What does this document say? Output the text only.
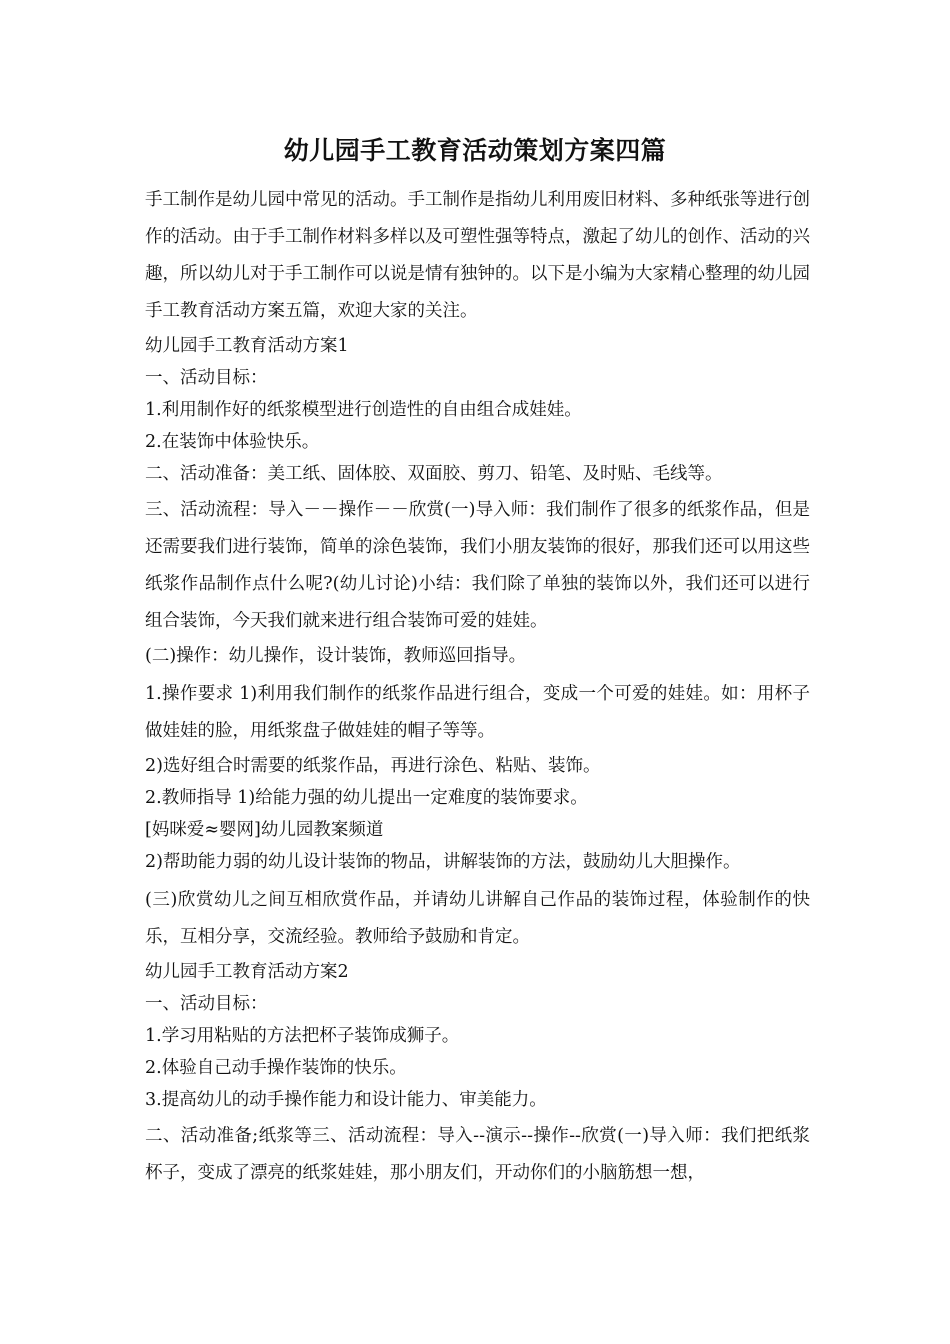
幼儿园手工教育活动策划方案四篇

手工制作是幼儿园中常见的活动。手工制作是指幼儿利用废旧材料、多种纸张等进行创作的活动。由于手工制作材料多样以及可塑性强等特点，激起了幼儿的创作、活动的兴趣，所以幼儿对于手工制作可以说是情有独钟的。以下是小编为大家精心整理的幼儿园手工教育活动方案五篇，欢迎大家的关注。

幼儿园手工教育活动方案1

一、活动目标：

1.利用制作好的纸浆模型进行创造性的自由组合成娃娃。

2.在装饰中体验快乐。

二、活动准备：美工纸、固体胶、双面胶、剪刀、铅笔、及时贴、毛线等。

三、活动流程：导入－－操作－－欣赏(一)导入师：我们制作了很多的纸浆作品，但是还需要我们进行装饰，简单的涂色装饰，我们小朋友装饰的很好，那我们还可以用这些纸浆作品制作点什么呢?(幼儿讨论)小结：我们除了单独的装饰以外，我们还可以进行组合装饰，今天我们就来进行组合装饰可爱的娃娃。

(二)操作：幼儿操作，设计装饰，教师巡回指导。

1.操作要求 1)利用我们制作的纸浆作品进行组合，变成一个可爱的娃娃。如：用杯子做娃娃的脸，用纸浆盘子做娃娃的帽子等等。

2)选好组合时需要的纸浆作品，再进行涂色、粘贴、装饰。

2.教师指导 1)给能力强的幼儿提出一定难度的装饰要求。

[妈咪爱≈婴网]幼儿园教案频道

2)帮助能力弱的幼儿设计装饰的物品，讲解装饰的方法，鼓励幼儿大胆操作。

(三)欣赏幼儿之间互相欣赏作品，并请幼儿讲解自己作品的装饰过程，体验制作的快乐，互相分享，交流经验。教师给予鼓励和肯定。

幼儿园手工教育活动方案2

一、活动目标：

1.学习用粘贴的方法把杯子装饰成狮子。

2.体验自己动手操作装饰的快乐。

3.提高幼儿的动手操作能力和设计能力、审美能力。

二、活动准备;纸浆等三、活动流程：导入--演示--操作--欣赏(一)导入师：我们把纸浆杯子，变成了漂亮的纸浆娃娃，那小朋友们，开动你们的小脑筋想一想，
